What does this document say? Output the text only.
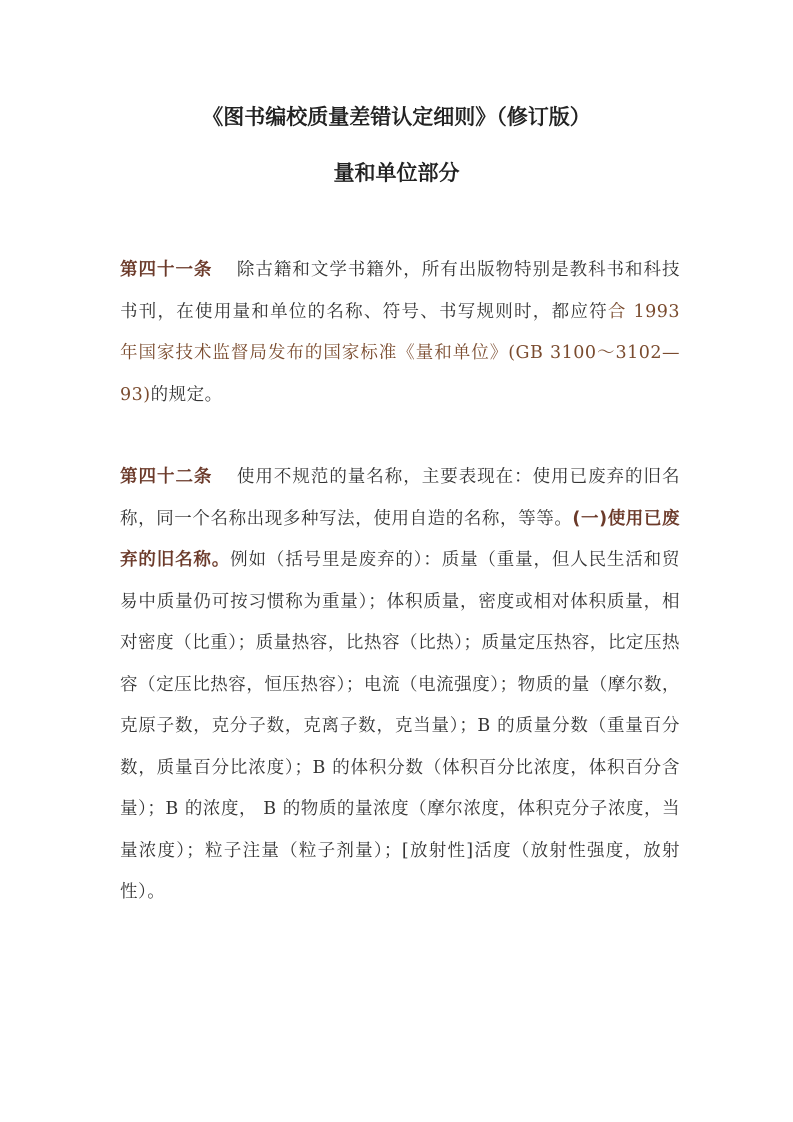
《图书编校质量差错认定细则》（修订版）
量和单位部分

第四十一条 除古籍和文学书籍外，所有出版物特别是教科书和科技书刊，在使用量和单位的名称、符号、书写规则时，都应符合 1993 年国家技术监督局发布的国家标准《量和单位》(GB 3100～3102—93)的规定。

第四十二条 使用不规范的量名称，主要表现在：使用已废弃的旧名称，同一个名称出现多种写法，使用自造的名称，等等。(一)使用已废弃的旧名称。例如（括号里是废弃的）：质量（重量，但人民生活和贸易中质量仍可按习惯称为重量）；体积质量，密度或相对体积质量，相对密度（比重）；质量热容，比热容（比热）；质量定压热容，比定压热容（定压比热容，恒压热容）；电流（电流强度）；物质的量（摩尔数，克原子数，克分子数，克离子数，克当量）；B 的质量分数（重量百分数，质量百分比浓度）；B 的体积分数（体积百分比浓度，体积百分含量）；B 的浓度， B 的物质的量浓度（摩尔浓度，体积克分子浓度，当量浓度）；粒子注量（粒子剂量）；[放射性]活度（放射性强度，放射性）。
